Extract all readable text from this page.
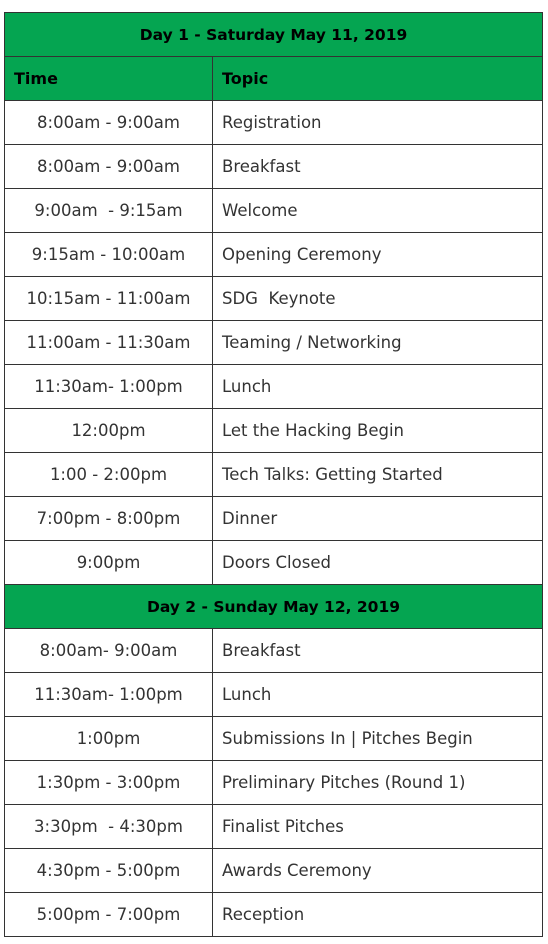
Day 1 - Saturday May 11, 2019	
Time	Topic
8:00am - 9:00am	Registration
8:00am - 9:00am	Breakfast
9:00am  - 9:15am	Welcome
9:15am - 10:00am	Opening Ceremony
10:15am - 11:00am	SDG  Keynote
11:00am - 11:30am	Teaming / Networking
11:30am- 1:00pm	Lunch
12:00pm	Let the Hacking Begin
1:00 - 2:00pm	Tech Talks: Getting Started
7:00pm - 8:00pm	Dinner
9:00pm	Doors Closed
Day 2 - Sunday May 12, 2019	
8:00am- 9:00am	Breakfast
11:30am- 1:00pm	Lunch
1:00pm	Submissions In | Pitches Begin
1:30pm - 3:00pm	Preliminary Pitches (Round 1)
3:30pm  - 4:30pm	Finalist Pitches
4:30pm - 5:00pm	Awards Ceremony
5:00pm - 7:00pm	Reception
